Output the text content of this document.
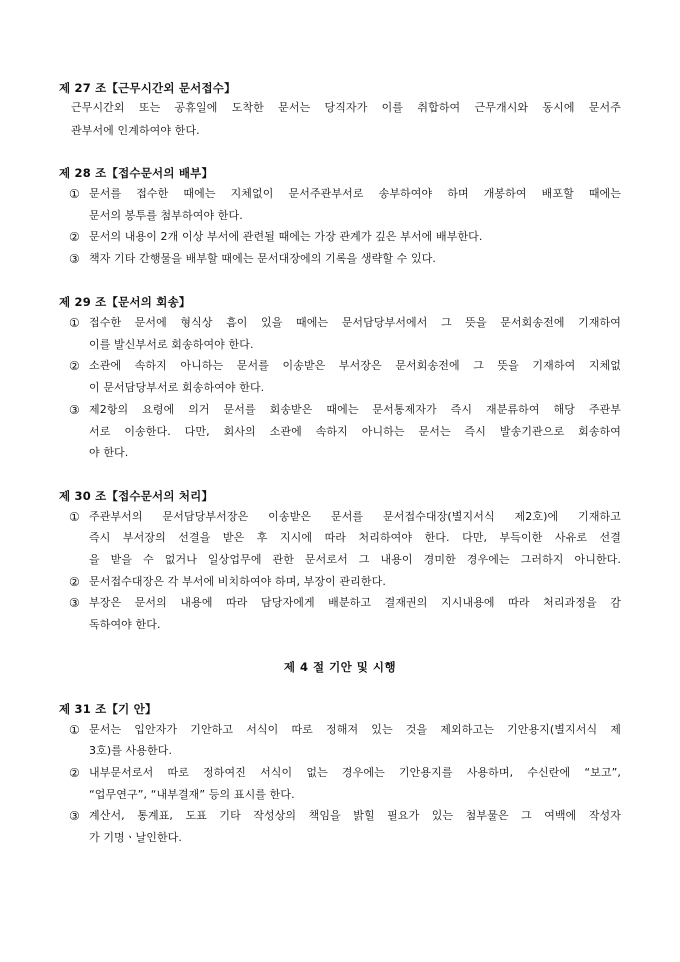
제 27 조【근무시간외 문서접수】
근무시간외 또는 공휴일에 도착한 문서는 당직자가 이를 취합하여 근무개시와 동시에 문서주
관부서에 인계하여야 한다.
제 28 조【접수문서의 배부】
① 문서를 접수한 때에는 지체없이 문서주관부서로 송부하여야 하며 개봉하여 배포할 때에는
문서의 봉투를 첨부하여야 한다.
② 문서의 내용이 2개 이상 부서에 관련될 때에는 가장 관계가 깊은 부서에 배부한다.
③ 책자 기타 간행물을 배부할 때에는 문서대장에의 기록을 생략할 수 있다.
제 29 조【문서의 회송】
① 접수한 문서에 형식상 흠이 있을 때에는 문서담당부서에서 그 뜻을 문서회송전에 기재하여
이를 발신부서로 회송하여야 한다.
② 소관에 속하지 아니하는 문서를 이송받은 부서장은 문서회송전에 그 뜻을 기재하여 지체없
이 문서담당부서로 회송하여야 한다.
③ 제2항의 요령에 의거 문서를 회송받은 때에는 문서통제자가 즉시 재분류하여 해당 주관부
서로 이송한다. 다만, 회사의 소관에 속하지 아니하는 문서는 즉시 발송기관으로 회송하여
야 한다.
제 30 조【접수문서의 처리】
① 주관부서의 문서담당부서장은 이송받은 문서를 문서접수대장(별지서식 제2호)에 기재하고
즉시 부서장의 선결을 받은 후 지시에 따라 처리하여야 한다. 다만, 부득이한 사유로 선결
을 받을 수 없거나 일상업무에 관한 문서로서 그 내용이 경미한 경우에는 그러하지 아니한다.
② 문서접수대장은 각 부서에 비치하여야 하며, 부장이 관리한다.
③ 부장은 문서의 내용에 따라 담당자에게 배분하고 결재권의 지시내용에 따라 처리과정을 감
독하여야 한다.
제 4 절 기안 및 시행
제 31 조【기 안】
① 문서는 입안자가 기안하고 서식이 따로 정해져 있는 것을 제외하고는 기안용지(별지서식 제
3호)를 사용한다.
② 내부문서로서 따로 정하여진 서식이 없는 경우에는 기안용지를 사용하며, 수신란에 “보고”,
“업무연구”, “내부결재” 등의 표시를 한다.
③ 계산서, 통계표, 도표 기타 작성상의 책임을 밝힐 필요가 있는 첨부물은 그 여백에 작성자
가 기명ㆍ날인한다.
